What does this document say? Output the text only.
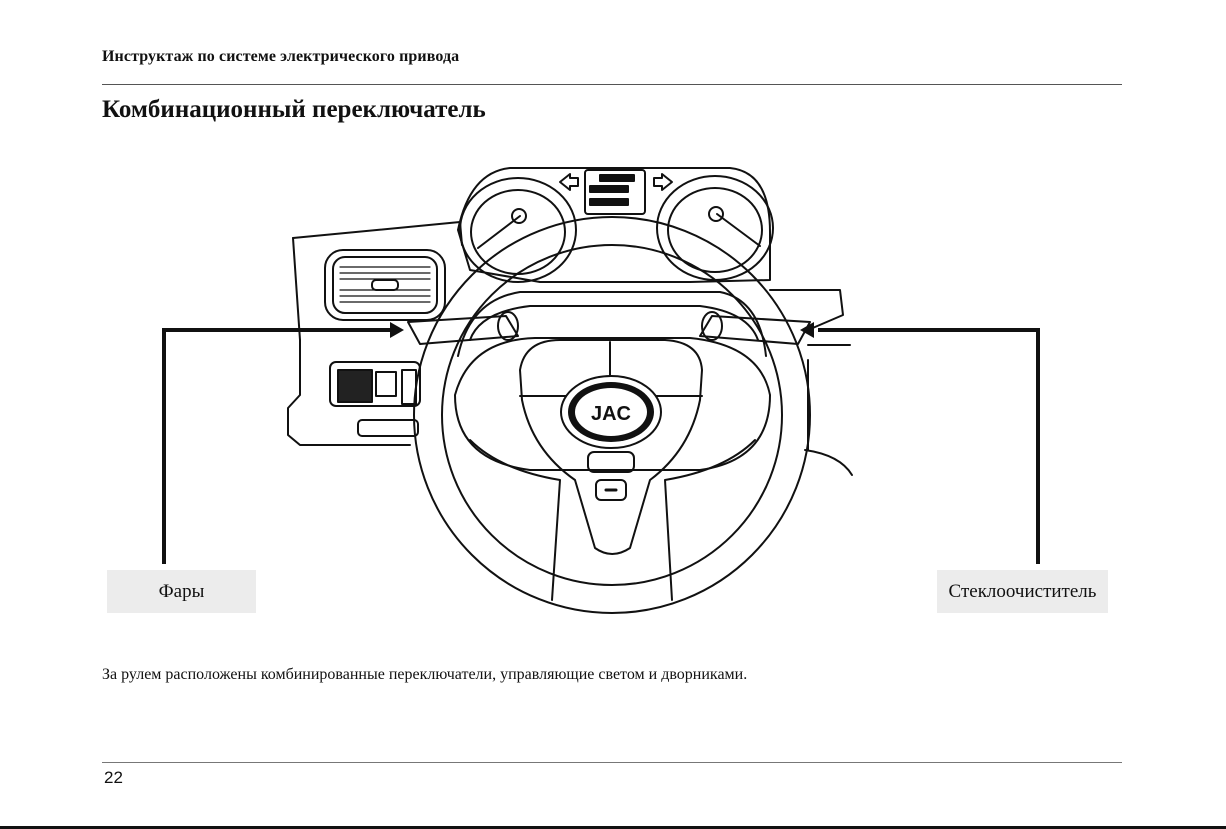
Инструктаж по системе электрического привода
Комбинационный переключатель
JAC
Фары	Стеклоочиститель
За рулем расположены комбинированные переключатели, управляющие светом и дворниками.
22
